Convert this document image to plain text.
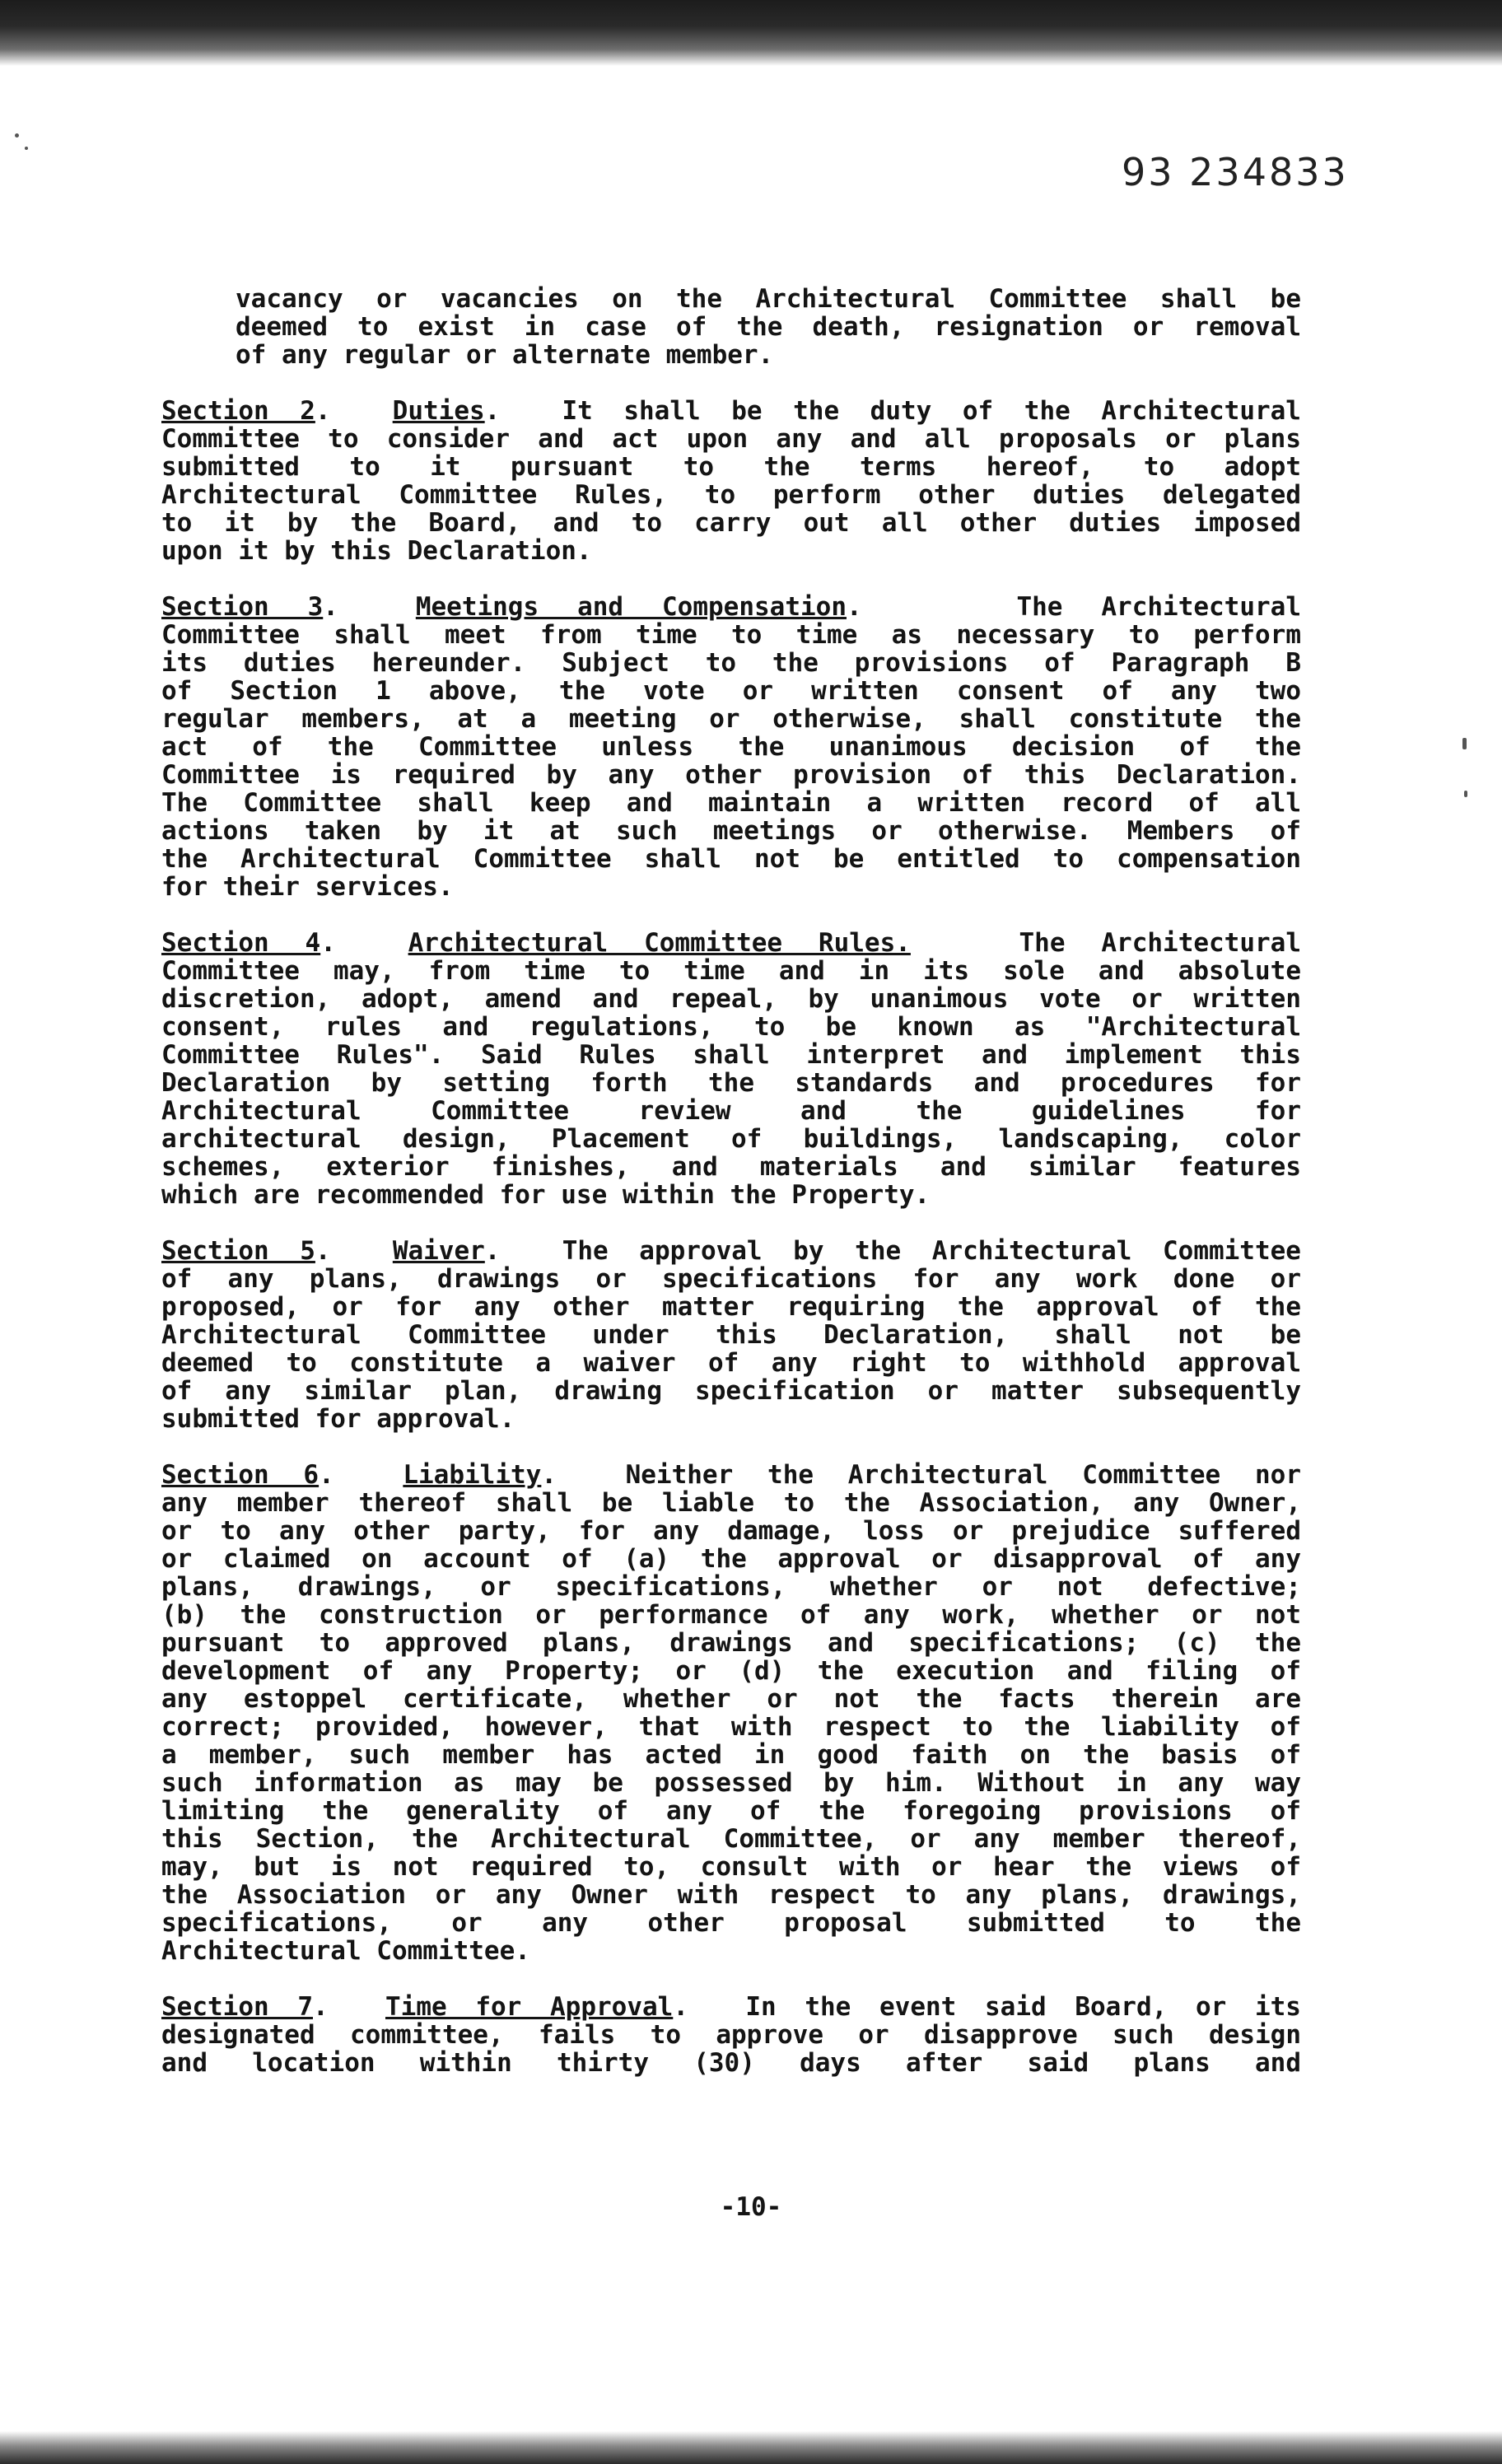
93 234833
vacancy or vacancies on the Architectural Committee shall be
deemed to exist in case of the death, resignation or removal
of any regular or alternate member.
Section 2.  Duties.  It shall be the duty of the Architectural
Committee to consider and act upon any and all proposals or plans
submitted to it pursuant to the terms hereof, to adopt
Architectural Committee Rules, to perform other duties delegated
to it by the Board, and to carry out all other duties imposed
upon it by this Declaration.
Section 3.  Meetings and Compensation.    The Architectural
Committee shall meet from time to time as necessary to perform
its duties hereunder. Subject to the provisions of Paragraph B
of Section 1 above, the vote or written consent of any two
regular members, at a meeting or otherwise, shall constitute the
act of the Committee unless the unanimous decision of the
Committee is required by any other provision of this Declaration.
The Committee shall keep and maintain a written record of all
actions taken by it at such meetings or otherwise. Members of
the Architectural Committee shall not be entitled to compensation
for their services.
Section 4.  Architectural Committee Rules.	The Architectural
Committee may, from time to time and in its sole and absolute
discretion, adopt, amend and repeal, by unanimous vote or written
consent, rules and regulations, to be known as "Architectural
Committee Rules". Said Rules shall interpret and implement this
Declaration by setting forth the standards and procedures for
Architectural Committee review and the guidelines for
architectural design, Placement of buildings, landscaping, color
schemes, exterior finishes, and materials and similar features
which are recommended for use within the Property.
Section 5.  Waiver.  The approval by the Architectural Committee
of any plans, drawings or specifications for any work done or
proposed, or for any other matter requiring the approval of the
Architectural Committee under this Declaration, shall not be
deemed to constitute a waiver of any right to withhold approval
of any similar plan, drawing specification or matter subsequently
submitted for approval.
Section 6.  Liability.  Neither the Architectural Committee nor
any member thereof shall be liable to the Association, any Owner,
or to any other party, for any damage, loss or prejudice suffered
or claimed on account of (a) the approval or disapproval of any
plans, drawings, or specifications, whether or not defective;
(b) the construction or performance of any work, whether or not
pursuant to approved plans, drawings and specifications; (c) the
development of any Property; or (d) the execution and filing of
any estoppel certificate, whether or not the facts therein are
correct; provided, however, that with respect to the liability of
a member, such member has acted in good faith on the basis of
such information as may be possessed by him. Without in any way
limiting the generality of any of the foregoing provisions of
this Section, the Architectural Committee, or any member thereof,
may, but is not required to, consult with or hear the views of
the Association or any Owner with respect to any plans, drawings,
specifications, or any other proposal submitted to the
Architectural Committee.
Section 7.  Time for Approval.  In the event said Board, or its
designated committee, fails to approve or disapprove such design
and location within thirty (30) days after said plans and
-10-
